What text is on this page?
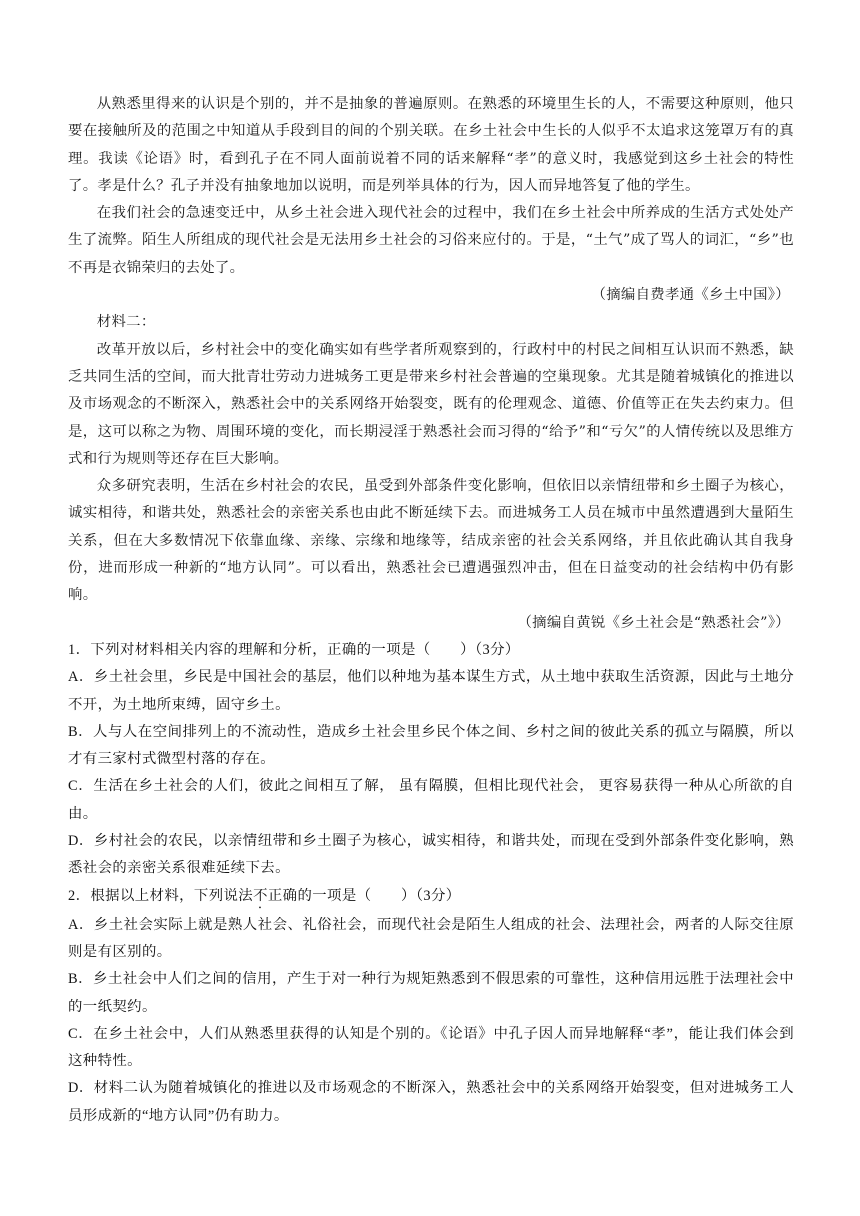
从熟悉里得来的认识是个别的，并不是抽象的普遍原则。在熟悉的环境里生长的人，不需要这种原则，他只要在接触所及的范围之中知道从手段到目的间的个别关联。在乡土社会中生长的人似乎不太追求这笼罩万有的真理。我读《论语》时，看到孔子在不同人面前说着不同的话来解释“孝”的意义时，我感觉到这乡土社会的特性了。孝是什么？孔子并没有抽象地加以说明，而是列举具体的行为，因人而异地答复了他的学生。

在我们社会的急速变迁中，从乡土社会进入现代社会的过程中，我们在乡土社会中所养成的生活方式处处产生了流弊。陌生人所组成的现代社会是无法用乡土社会的习俗来应付的。于是，“土气”成了骂人的词汇，“乡”也不再是衣锦荣归的去处了。

（摘编自费孝通《乡土中国》）

材料二：

改革开放以后，乡村社会中的变化确实如有些学者所观察到的，行政村中的村民之间相互认识而不熟悉，缺乏共同生活的空间，而大批青壮劳动力进城务工更是带来乡村社会普遍的空巢现象。尤其是随着城镇化的推进以及市场观念的不断深入，熟悉社会中的关系网络开始裂变，既有的伦理观念、道德、价值等正在失去约束力。但是，这可以称之为物、周围环境的变化，而长期浸淫于熟悉社会而习得的“给予”和“亏欠”的人情传统以及思维方式和行为规则等还存在巨大影响。

众多研究表明，生活在乡村社会的农民，虽受到外部条件变化影响，但依旧以亲情纽带和乡土圈子为核心，诚实相待，和谐共处，熟悉社会的亲密关系也由此不断延续下去。而进城务工人员在城市中虽然遭遇到大量陌生关系，但在大多数情况下依靠血缘、亲缘、宗缘和地缘等，结成亲密的社会关系网络，并且依此确认其自我身份，进而形成一种新的“地方认同”。可以看出，熟悉社会已遭遇强烈冲击，但在日益变动的社会结构中仍有影响。

（摘编自黄锐《乡土社会是“熟悉社会”》）

1．下列对材料相关内容的理解和分析，正确的一项是（　　）（3分）

A．乡土社会里，乡民是中国社会的基层，他们以种地为基本谋生方式，从土地中获取生活资源，因此与土地分不开，为土地所束缚，固守乡土。

B．人与人在空间排列上的不流动性，造成乡土社会里乡民个体之间、乡村之间的彼此关系的孤立与隔膜，所以才有三家村式微型村落的存在。

C．生活在乡土社会的人们，彼此之间相互了解， 虽有隔膜，但相比现代社会， 更容易获得一种从心所欲的自由。

D．乡村社会的农民，以亲情纽带和乡土圈子为核心，诚实相待，和谐共处，而现在受到外部条件变化影响，熟悉社会的亲密关系很难延续下去。

2．根据以上材料，下列说法不正确的一项是（　　）（3分）

A．乡土社会实际上就是熟人社会、礼俗社会，而现代社会是陌生人组成的社会、法理社会，两者的人际交往原则是有区别的。

B．乡土社会中人们之间的信用，产生于对一种行为规矩熟悉到不假思索的可靠性，这种信用远胜于法理社会中的一纸契约。

C．在乡土社会中，人们从熟悉里获得的认知是个别的。《论语》中孔子因人而异地解释“孝”，能让我们体会到这种特性。

D．材料二认为随着城镇化的推进以及市场观念的不断深入，熟悉社会中的关系网络开始裂变，但对进城务工人员形成新的“地方认同”仍有助力。
